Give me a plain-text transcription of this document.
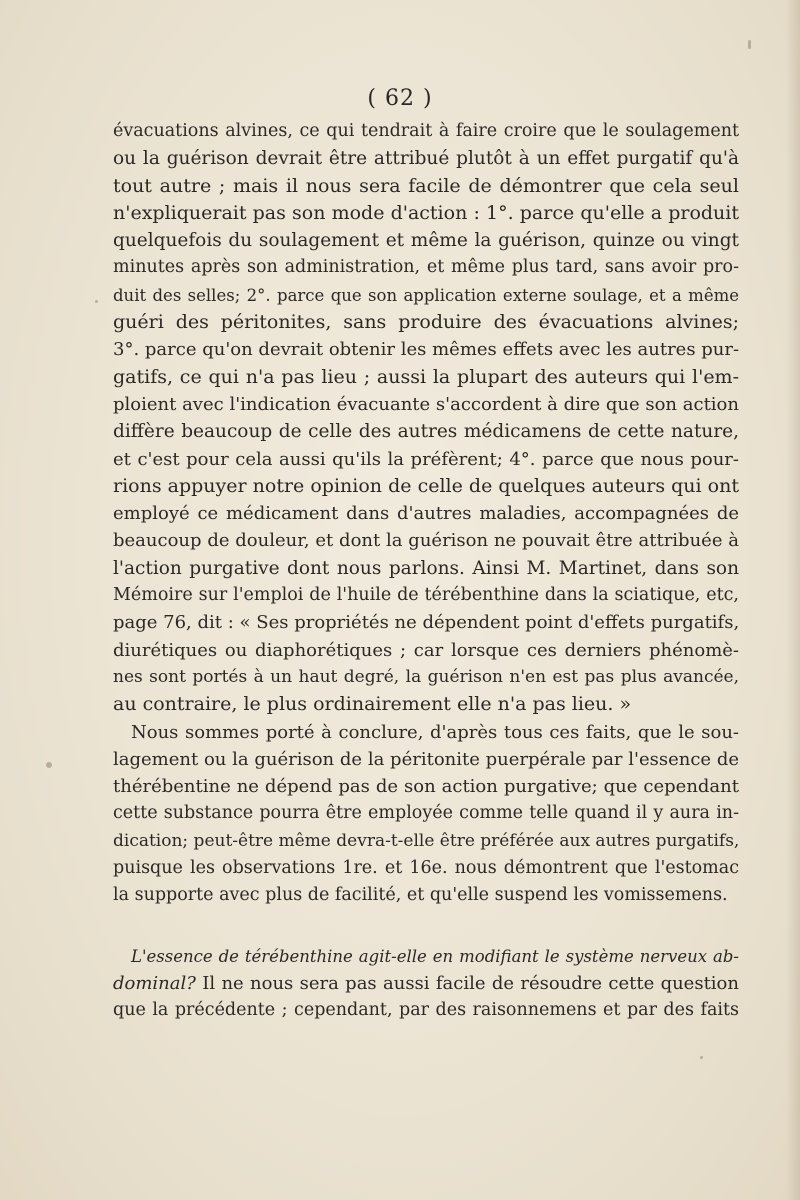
( 62 )
évacuations alvines, ce qui tendrait à faire croire que le soulagement
ou la guérison devrait être attribué plutôt à un effet purgatif qu'à
tout autre ; mais il nous sera facile de démontrer que cela seul
n'expliquerait pas son mode d'action : 1°. parce qu'elle a produit
quelquefois du soulagement et même la guérison, quinze ou vingt
minutes après son administration, et même plus tard, sans avoir pro-
duit des selles; 2°. parce que son application externe soulage, et a même
guéri des péritonites, sans produire des évacuations alvines;
3°. parce qu'on devrait obtenir les mêmes effets avec les autres pur-
gatifs, ce qui n'a pas lieu ; aussi la plupart des auteurs qui l'em-
ploient avec l'indication évacuante s'accordent à dire que son action
diffère beaucoup de celle des autres médicamens de cette nature,
et c'est pour cela aussi qu'ils la préfèrent; 4°. parce que nous pour-
rions appuyer notre opinion de celle de quelques auteurs qui ont
employé ce médicament dans d'autres maladies, accompagnées de
beaucoup de douleur, et dont la guérison ne pouvait être attribuée à
l'action purgative dont nous parlons. Ainsi M. Martinet, dans son
Mémoire sur l'emploi de l'huile de térébenthine dans la sciatique, etc,
page 76, dit : « Ses propriétés ne dépendent point d'effets purgatifs,
diurétiques ou diaphorétiques ; car lorsque ces derniers phénomè-
nes sont portés à un haut degré, la guérison n'en est pas plus avancée,
au contraire, le plus ordinairement elle n'a pas lieu. »
Nous sommes porté à conclure, d'après tous ces faits, que le sou-
lagement ou la guérison de la péritonite puerpérale par l'essence de
thérébentine ne dépend pas de son action purgative; que cependant
cette substance pourra être employée comme telle quand il y aura in-
dication; peut-être même devra-t-elle être préférée aux autres purgatifs,
puisque les observations 1re. et 16e. nous démontrent que l'estomac
la supporte avec plus de facilité, et qu'elle suspend les vomissemens.
L'essence de térébenthine agit-elle en modifiant le système nerveux ab-
dominal? Il ne nous sera pas aussi facile de résoudre cette question
que la précédente ; cependant, par des raisonnemens et par des faits
